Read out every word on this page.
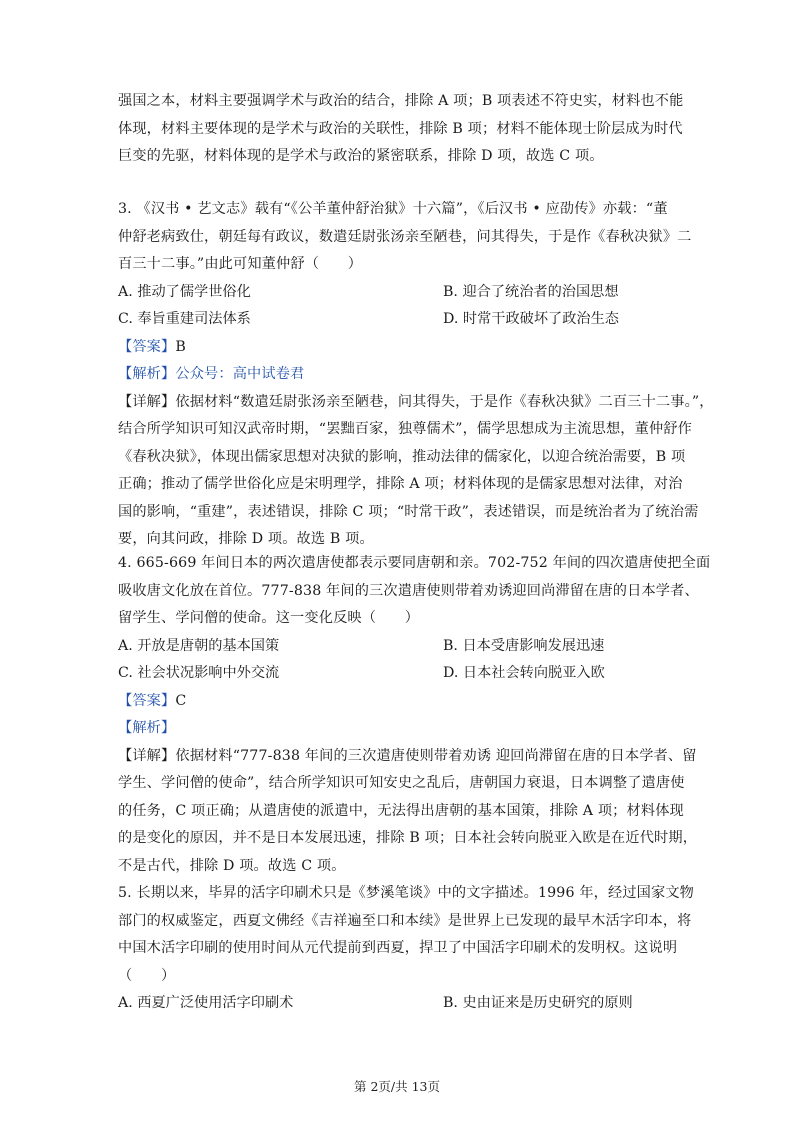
强国之本，材料主要强调学术与政治的结合，排除 A 项；B 项表述不符史实，材料也不能
体现，材料主要体现的是学术与政治的关联性，排除 B 项；材料不能体现士阶层成为时代
巨变的先驱，材料体现的是学术与政治的紧密联系，排除 D 项，故选 C 项。
3. 《汉书 • 艺文志》载有“《公羊董仲舒治狱》十六篇”，《后汉书 • 应劭传》亦载：“董
仲舒老病致仕，朝廷每有政议，数遣廷尉张汤亲至陋巷，问其得失，于是作《春秋决狱》二
百三十二事。”由此可知董仲舒（　　）
A. 推动了儒学世俗化	B. 迎合了统治者的治国思想
C. 奉旨重建司法体系	D. 时常干政破坏了政治生态
【答案】B
【解析】公众号：高中试卷君
【详解】依据材料“数遣廷尉张汤亲至陋巷，问其得失，于是作《春秋决狱》二百三十二事。”，
结合所学知识可知汉武帝时期，“罢黜百家，独尊儒术”，儒学思想成为主流思想，董仲舒作
《春秋决狱》，体现出儒家思想对决狱的影响，推动法律的儒家化，以迎合统治需要，B 项
正确；推动了儒学世俗化应是宋明理学，排除 A 项；材料体现的是儒家思想对法律，对治
国的影响，“重建”，表述错误，排除 C 项；“时常干政”，表述错误，而是统治者为了统治需
要，向其问政，排除 D 项。故选 B 项。
4. 665-669 年间日本的两次遣唐使都表示要同唐朝和亲。702-752 年间的四次遣唐使把全面
吸收唐文化放在首位。777-838 年间的三次遣唐使则带着劝诱迎回尚滞留在唐的日本学者、
留学生、学问僧的使命。这一变化反映（　　）
A. 开放是唐朝的基本国策	B. 日本受唐影响发展迅速
C. 社会状况影响中外交流	D. 日本社会转向脱亚入欧
【答案】C
【解析】
【详解】依据材料“777-838 年间的三次遣唐使则带着劝诱 迎回尚滞留在唐的日本学者、留
学生、学问僧的使命”，结合所学知识可知安史之乱后，唐朝国力衰退，日本调整了遣唐使
的任务，C 项正确；从遣唐使的派遣中，无法得出唐朝的基本国策，排除 A 项；材料体现
的是变化的原因，并不是日本发展迅速，排除 B 项；日本社会转向脱亚入欧是在近代时期，
不是古代，排除 D 项。故选 C 项。
5. 长期以来，毕昇的活字印刷术只是《梦溪笔谈》中的文字描述。1996 年，经过国家文物
部门的权威鉴定，西夏文佛经《吉祥遍至口和本续》是世界上已发现的最早木活字印本，将
中国木活字印刷的使用时间从元代提前到西夏，捍卫了中国活字印刷术的发明权。这说明
（　　）
A. 西夏广泛使用活字印刷术	B. 史由证来是历史研究的原则
第 2页/共 13页
